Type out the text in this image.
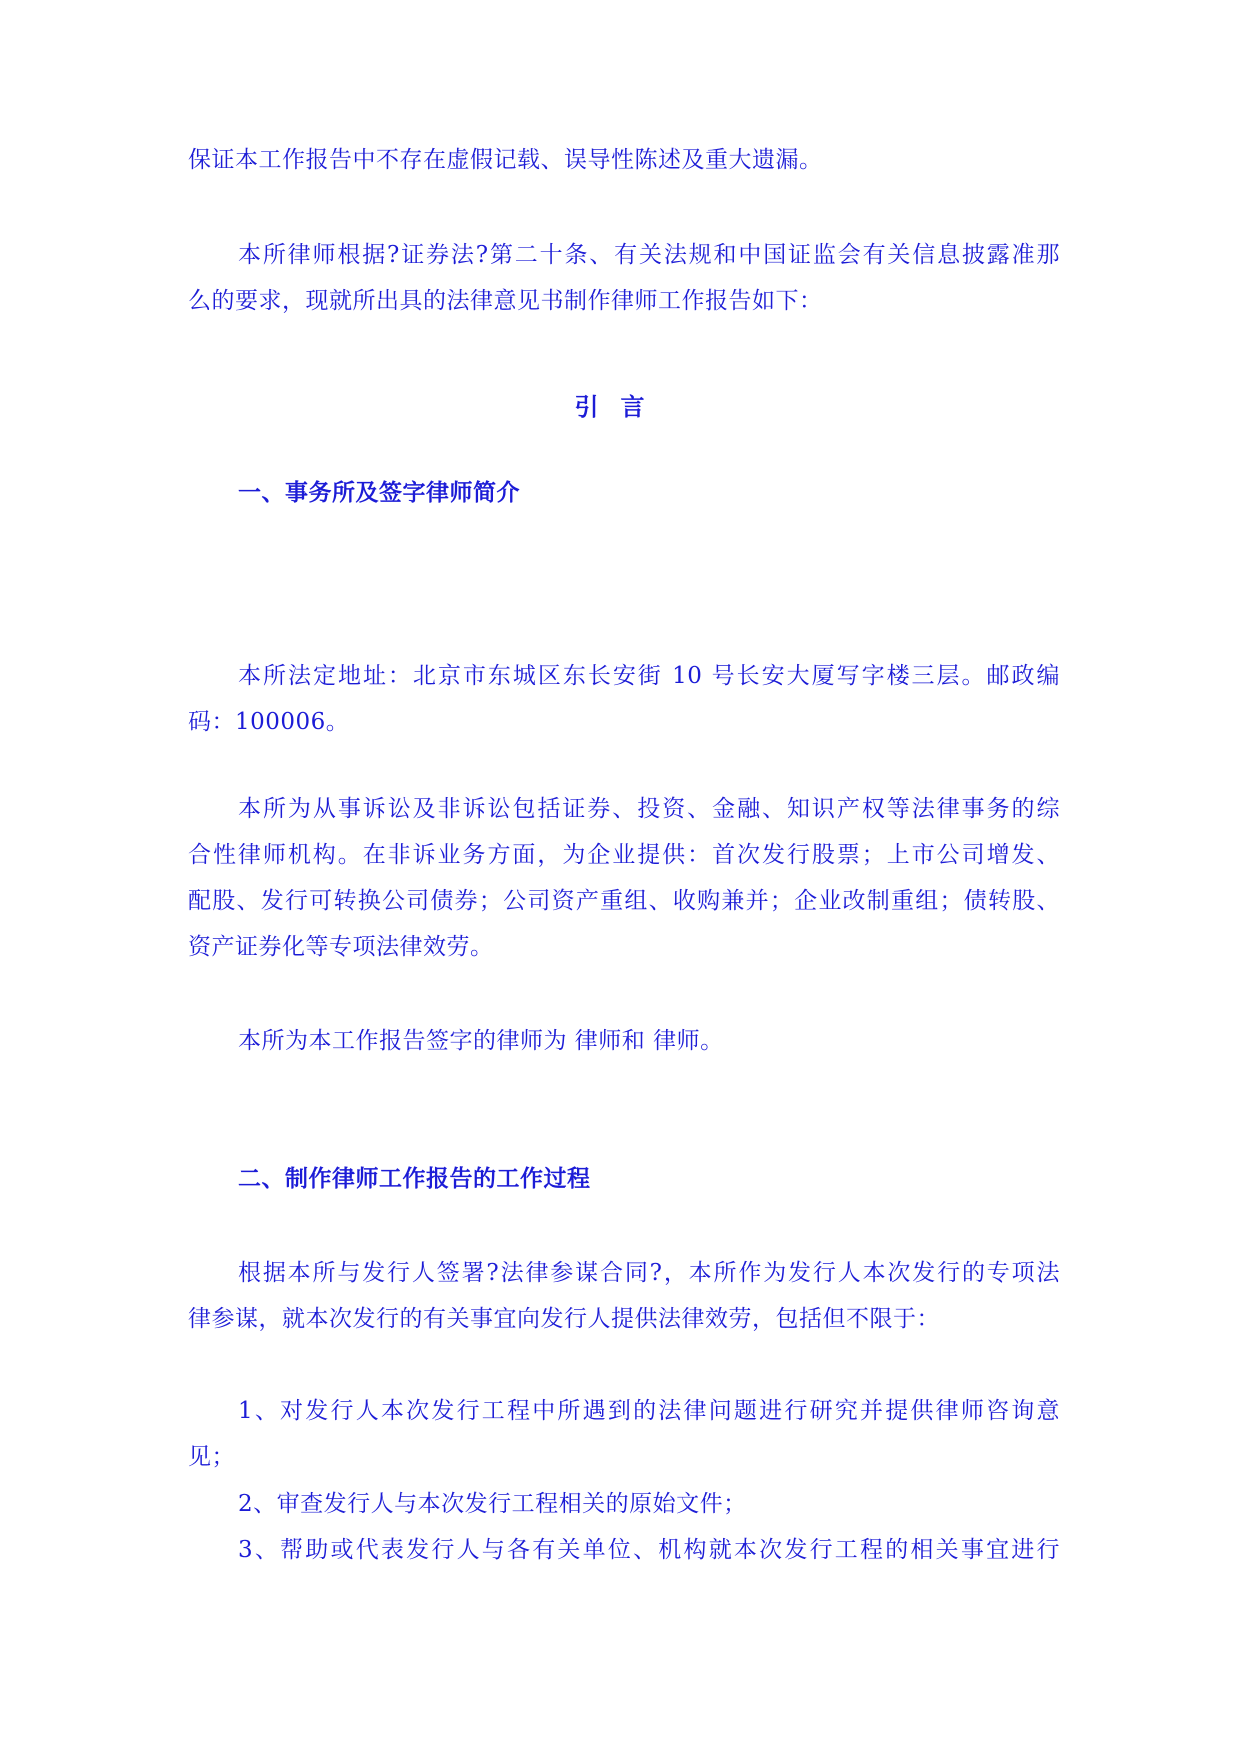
保证本工作报告中不存在虚假记载、误导性陈述及重大遗漏。
本所律师根据?证券法?第二十条、有关法规和中国证监会有关信息披露准那
么的要求，现就所出具的法律意见书制作律师工作报告如下：
引言
一、事务所及签字律师简介
本所法定地址：北京市东城区东长安街 10 号长安大厦写字楼三层。邮政编
码：100006。
本所为从事诉讼及非诉讼包括证券、投资、金融、知识产权等法律事务的综
合性律师机构。在非诉业务方面，为企业提供：首次发行股票；上市公司增发、
配股、发行可转换公司债券；公司资产重组、收购兼并；企业改制重组；债转股、
资产证券化等专项法律效劳。
本所为本工作报告签字的律师为 律师和 律师。
二、制作律师工作报告的工作过程
根据本所与发行人签署?法律参谋合同?，本所作为发行人本次发行的专项法
律参谋，就本次发行的有关事宜向发行人提供法律效劳，包括但不限于：
1、对发行人本次发行工程中所遇到的法律问题进行研究并提供律师咨询意
见；
2、审查发行人与本次发行工程相关的原始文件；
3、帮助或代表发行人与各有关单位、机构就本次发行工程的相关事宜进行
